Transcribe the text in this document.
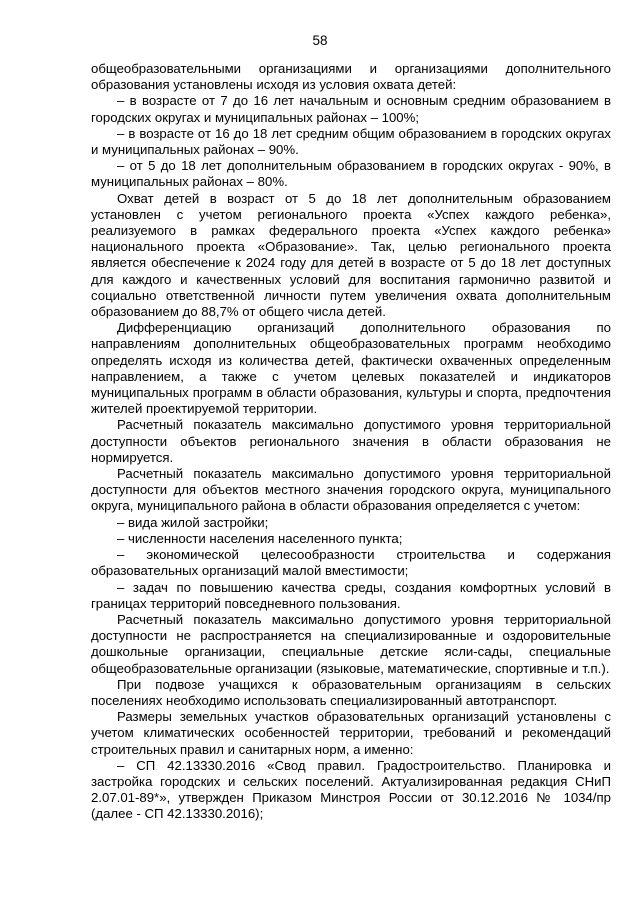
58

общеобразовательными организациями и организациями дополнительного образования установлены исходя из условия охвата детей:

– в возрасте от 7 до 16 лет начальным и основным средним образованием в городских округах и муниципальных районах – 100%;

– в возрасте от 16 до 18 лет средним общим образованием в городских округах и муниципальных районах – 90%.

– от 5 до 18 лет дополнительным образованием в городских округах - 90%, в муниципальных районах – 80%.

Охват детей в возраст от 5 до 18 лет дополнительным образованием установлен с учетом регионального проекта «Успех каждого ребенка», реализуемого в рамках федерального проекта «Успех каждого ребенка» национального проекта «Образование». Так, целью регионального проекта является обеспечение к 2024 году для детей в возрасте от 5 до 18 лет доступных для каждого и качественных условий для воспитания гармонично развитой и социально ответственной личности путем увеличения охвата дополнительным образованием до 88,7% от общего числа детей.

Дифференциацию организаций дополнительного образования по направлениям дополнительных общеобразовательных программ необходимо определять исходя из количества детей, фактически охваченных определенным направлением, а также с учетом целевых показателей и индикаторов муниципальных программ в области образования, культуры и спорта, предпочтения жителей проектируемой территории.

Расчетный показатель максимально допустимого уровня территориальной доступности объектов регионального значения в области образования не нормируется.

Расчетный показатель максимально допустимого уровня территориальной доступности для объектов местного значения городского округа, муниципального округа, муниципального района в области образования определяется с учетом:

– вида жилой застройки;

– численности населения населенного пункта;

– экономической целесообразности строительства и содержания образовательных организаций малой вместимости;

– задач по повышению качества среды, создания комфортных условий в границах территорий повседневного пользования.

Расчетный показатель максимально допустимого уровня территориальной доступности не распространяется на специализированные и оздоровительные дошкольные организации, специальные детские ясли-сады, специальные общеобразовательные организации (языковые, математические, спортивные и т.п.).

При подвозе учащихся к образовательным организациям в сельских поселениях необходимо использовать специализированный автотранспорт.

Размеры земельных участков образовательных организаций установлены с учетом климатических особенностей территории, требований и рекомендаций строительных правил и санитарных норм, а именно:

– СП 42.13330.2016 «Свод правил. Градостроительство. Планировка и застройка городских и сельских поселений. Актуализированная редакция СНиП 2.07.01-89*», утвержден Приказом Минстроя России от 30.12.2016 № 1034/пр (далее - СП 42.13330.2016);
